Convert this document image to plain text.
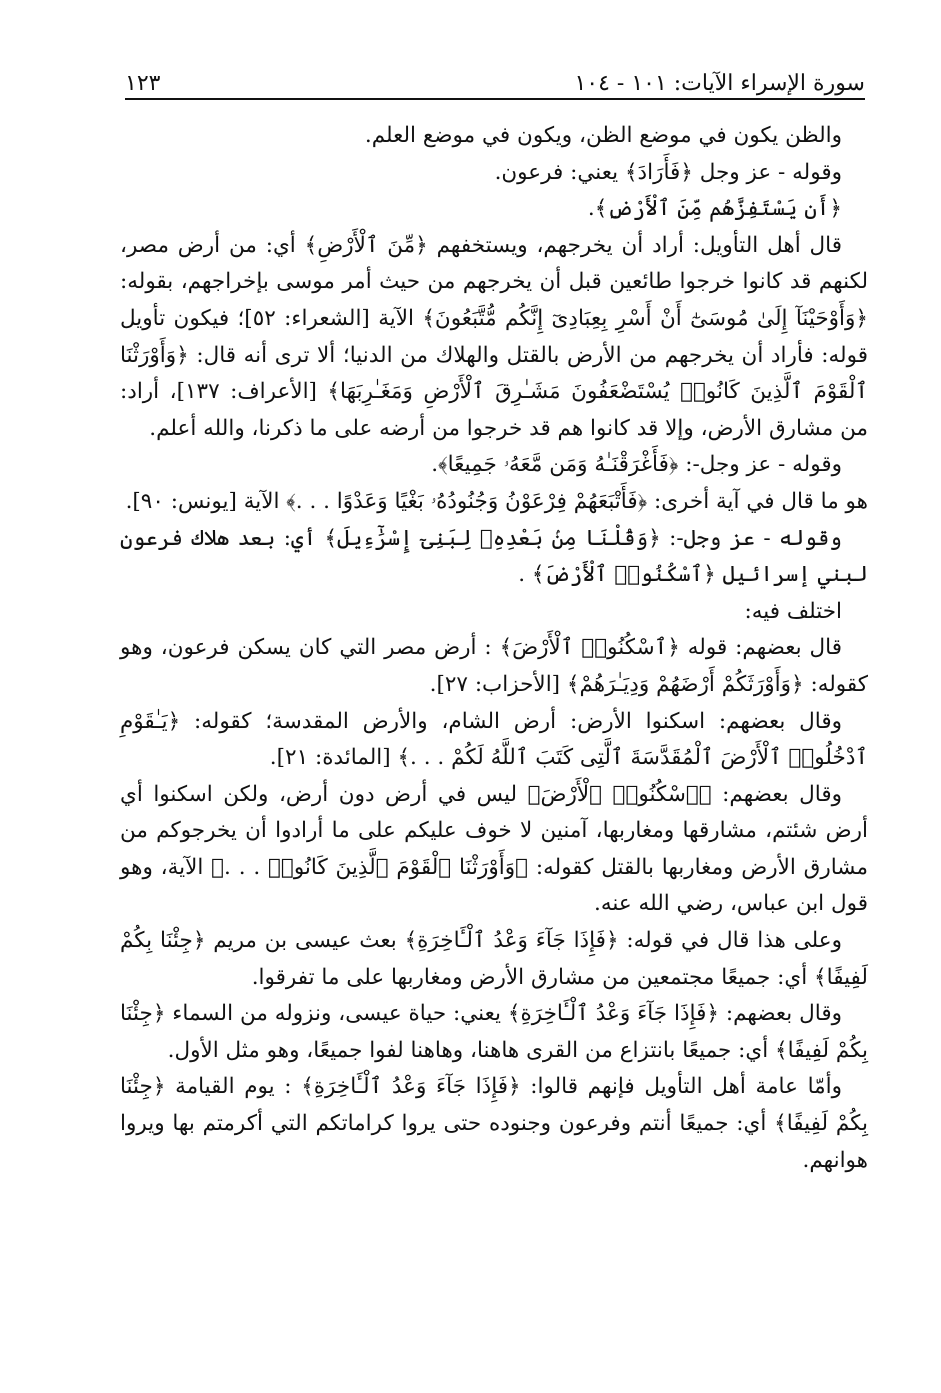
سورة الإسراء الآيات: ١٠١ - ١٠٤
١٢٣

والظن يكون في موضع الظن، ويكون في موضع العلم.

وقوله - عز وجل ﴿فَأَرَادَ﴾ يعني: فرعون.

﴿أَن يَسْتَفِزَّهُم مِّنَ ٱلْأَرْضِ﴾.

قال أهل التأويل: أراد أن يخرجهم، ويستخفهم ﴿مِّنَ ٱلْأَرْضِ﴾ أي: من أرض مصر، لكنهم قد كانوا خرجوا طائعين قبل أن يخرجهم من حيث أمر موسى بإخراجهم، بقوله: ﴿وَأَوْحَيْنَآ إِلَىٰ مُوسَىٰٓ أَنْ أَسْرِ بِعِبَادِىٓ إِنَّكُم مُّتَّبَعُونَ﴾ الآية [الشعراء: ٥٢]؛ فيكون تأويل قوله: فأراد أن يخرجهم من الأرض بالقتل والهلاك من الدنيا؛ ألا ترى أنه قال: ﴿وَأَوْرَثْنَا ٱلْقَوْمَ ٱلَّذِينَ كَانُوا۟ يُسْتَضْعَفُونَ مَشَـٰرِقَ ٱلْأَرْضِ وَمَغَـٰرِبَهَا﴾ [الأعراف: ١٣٧]، أراد: من مشارق الأرض، وإلا قد كانوا هم قد خرجوا من أرضه على ما ذكرنا، والله أعلم.

وقوله - عز وجل-: ﴿فَأَغْرَقْنَـٰهُ وَمَن مَّعَهُۥ جَمِيعًا﴾.

هو ما قال في آية أخرى: ﴿فَأَتْبَعَهُمْ فِرْعَوْنُ وَجُنُودُهُۥ بَغْيًا وَعَدْوًا . . .﴾ الآية [يونس: ٩٠].

وقوله - عز وجل-: ﴿وَقُلْنَا مِنۢ بَعْدِهِۦ لِبَنِىٓ إِسْرَٰٓءِيلَ﴾ أي: بعد هلاك فرعون لبني إسرائيل ﴿ٱسْكُنُوا۟ ٱلْأَرْضَ﴾ .

اختلف فيه:

قال بعضهم: قوله ﴿ٱسْكُنُوا۟ ٱلْأَرْضَ﴾ : أرض مصر التي كان يسكن فرعون، وهو كقوله: ﴿وَأَوْرَثَكُمْ أَرْضَهُمْ وَدِيَـٰرَهُمْ﴾ [الأحزاب: ٢٧].

وقال بعضهم: اسكنوا الأرض: أرض الشام، والأرض المقدسة؛ كقوله: ﴿يَـٰقَوْمِ ٱدْخُلُوا۟ ٱلْأَرْضَ ٱلْمُقَدَّسَةَ ٱلَّتِى كَتَبَ ٱللَّهُ لَكُمْ . . .﴾ [المائدة: ٢١].

وقال بعضهم: ﴿ٱسْكُنُوا۟ ٱلْأَرْضَ﴾ ليس في أرض دون أرض، ولكن اسكنوا أي أرض شئتم، مشارقها ومغاربها، آمنين لا خوف عليكم على ما أرادوا أن يخرجوكم من مشارق الأرض ومغاربها بالقتل كقوله: ﴿وَأَوْرَثْنَا ٱلْقَوْمَ ٱلَّذِينَ كَانُوا۟ . . .﴾ الآية، وهو قول ابن عباس، رضي الله عنه.

وعلى هذا قال في قوله: ﴿فَإِذَا جَآءَ وَعْدُ ٱلْـَٔاخِرَةِ﴾ بعث عيسى بن مريم ﴿جِئْنَا بِكُمْ لَفِيفًا﴾ أي: جميعًا مجتمعين من مشارق الأرض ومغاربها على ما تفرقوا.

وقال بعضهم: ﴿فَإِذَا جَآءَ وَعْدُ ٱلْـَٔاخِرَةِ﴾ يعني: حياة عيسى، ونزوله من السماء ﴿جِئْنَا بِكُمْ لَفِيفًا﴾ أي: جميعًا بانتزاع من القرى هاهنا، وهاهنا لفوا جميعًا، وهو مثل الأول.

وأمّا عامة أهل التأويل فإنهم قالوا: ﴿فَإِذَا جَآءَ وَعْدُ ٱلْـَٔاخِرَةِ﴾ : يوم القيامة ﴿جِئْنَا بِكُمْ لَفِيفًا﴾ أي: جميعًا أنتم وفرعون وجنوده حتى يروا كراماتكم التي أكرمتم بها ويروا هوانهم.
